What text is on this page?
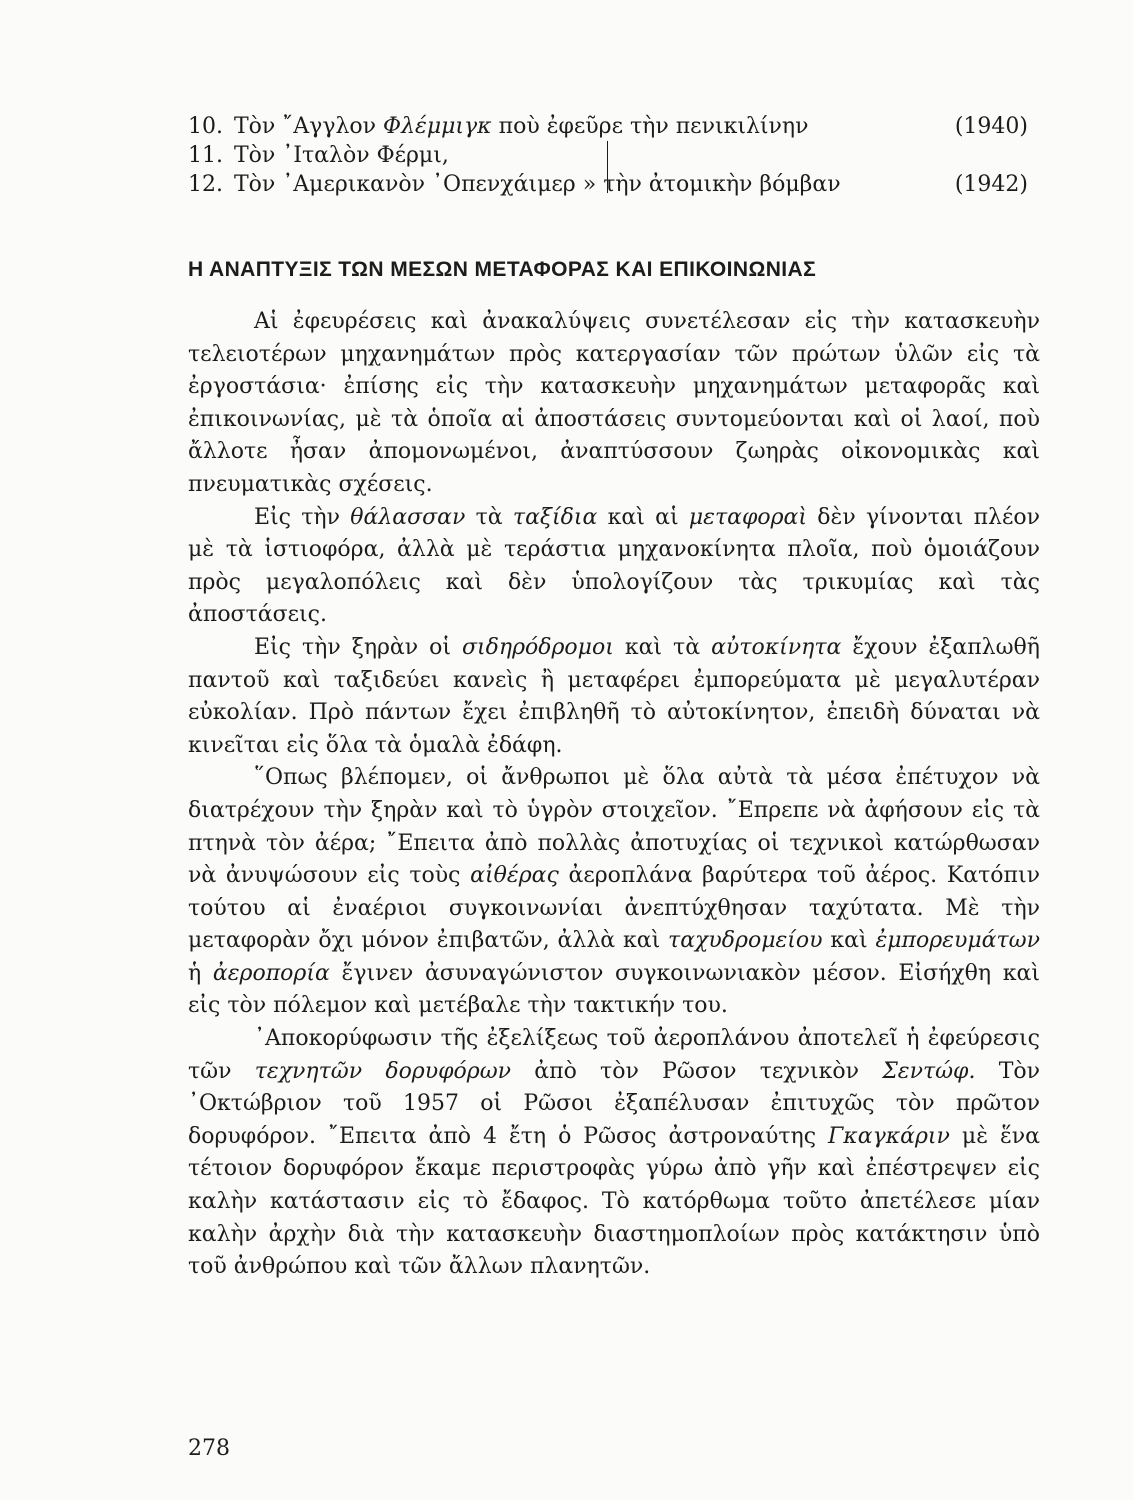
10. Τὸν ῎Αγγλον Φλέμμιγκ ποὺ ἐφεῦρε τὴν πενικιλίνην	(1940)
11. Τὸν ᾿Ιταλὸν Φέρμι,
12. Τὸν ᾿Αμερικανὸν ᾿Οπενχάιμερ » τὴν ἀτομικὴν βόμβαν	(1942)
Η ΑΝΑΠΤΥΞΙΣ ΤΩΝ ΜΕΣΩΝ ΜΕΤΑΦΟΡΑΣ ΚΑΙ ΕΠΙΚΟΙΝΩΝΙΑΣ

Αἱ ἐφευρέσεις καὶ ἀνακαλύψεις συνετέλεσαν εἰς τὴν κατασκευὴν τελειοτέρων μηχανημάτων πρὸς κατεργασίαν τῶν πρώτων ὑλῶν εἰς τὰ ἐργοστάσια· ἐπίσης εἰς τὴν κατασκευὴν μηχανημάτων μεταφορᾶς καὶ ἐπικοινωνίας, μὲ τὰ ὁποῖα αἱ ἀποστάσεις συντομεύονται καὶ οἱ λαοί, ποὺ ἄλλοτε ἦσαν ἀπομονωμένοι, ἀναπτύσσουν ζωηρὰς οἰκονομικὰς καὶ πνευματικὰς σχέσεις.

Εἰς τὴν θάλασσαν τὰ ταξίδια καὶ αἱ μεταφοραὶ δὲν γίνονται πλέον μὲ τὰ ἱστιοφόρα, ἀλλὰ μὲ τεράστια μηχανοκίνητα πλοῖα, ποὺ ὁμοιάζουν πρὸς μεγαλοπόλεις καὶ δὲν ὑπολογίζουν τὰς τρικυμίας καὶ τὰς ἀποστάσεις.

Εἰς τὴν ξηρὰν οἱ σιδηρόδρομοι καὶ τὰ αὐτοκίνητα ἔχουν ἐξαπλωθῆ παντοῦ καὶ ταξιδεύει κανεὶς ἢ μεταφέρει ἐμπορεύματα μὲ μεγαλυτέραν εὐκολίαν. Πρὸ πάντων ἔχει ἐπιβληθῆ τὸ αὐτοκίνητον, ἐπειδὴ δύναται νὰ κινεῖται εἰς ὅλα τὰ ὁμαλὰ ἐδάφη.

῞Οπως βλέπομεν, οἱ ἄνθρωποι μὲ ὅλα αὐτὰ τὰ μέσα ἐπέτυχον νὰ διατρέχουν τὴν ξηρὰν καὶ τὸ ὑγρὸν στοιχεῖον. ῎Επρεπε νὰ ἀφήσουν εἰς τὰ πτηνὰ τὸν ἀέρα; ῎Επειτα ἀπὸ πολλὰς ἀποτυχίας οἱ τεχνικοὶ κατώρθωσαν νὰ ἀνυψώσουν εἰς τοὺς αἰθέρας ἀεροπλάνα βαρύτερα τοῦ ἀέρος. Κατόπιν τούτου αἱ ἐναέριοι συγκοινωνίαι ἀνεπτύχθησαν ταχύτατα. Μὲ τὴν μεταφορὰν ὄχι μόνον ἐπιβατῶν, ἀλλὰ καὶ ταχυδρομείου καὶ ἐμπορευμάτων ἡ ἀεροπορία ἔγινεν ἀσυναγώνιστον συγκοινωνιακὸν μέσον. Εἰσήχθη καὶ εἰς τὸν πόλεμον καὶ μετέβαλε τὴν τακτικήν του.

᾿Αποκορύφωσιν τῆς ἐξελίξεως τοῦ ἀεροπλάνου ἀποτελεῖ ἡ ἐφεύρεσις τῶν τεχνητῶν δορυφόρων ἀπὸ τὸν Ρῶσον τεχνικὸν Σεντώφ. Τὸν ᾿Οκτώβριον τοῦ 1957 οἱ Ρῶσοι ἐξαπέλυσαν ἐπιτυχῶς τὸν πρῶτον δορυφόρον. ῎Επειτα ἀπὸ 4 ἔτη ὁ Ρῶσος ἀστροναύτης Γκαγκάριν μὲ ἕνα τέτοιον δορυφόρον ἔκαμε περιστροφὰς γύρω ἀπὸ γῆν καὶ ἐπέστρεψεν εἰς καλὴν κατάστασιν εἰς τὸ ἔδαφος. Τὸ κατόρθωμα τοῦτο ἀπετέλεσε μίαν καλὴν ἀρχὴν διὰ τὴν κατασκευὴν διαστημοπλοίων πρὸς κατάκτησιν ὑπὸ τοῦ ἀνθρώπου καὶ τῶν ἄλλων πλανητῶν.

278
